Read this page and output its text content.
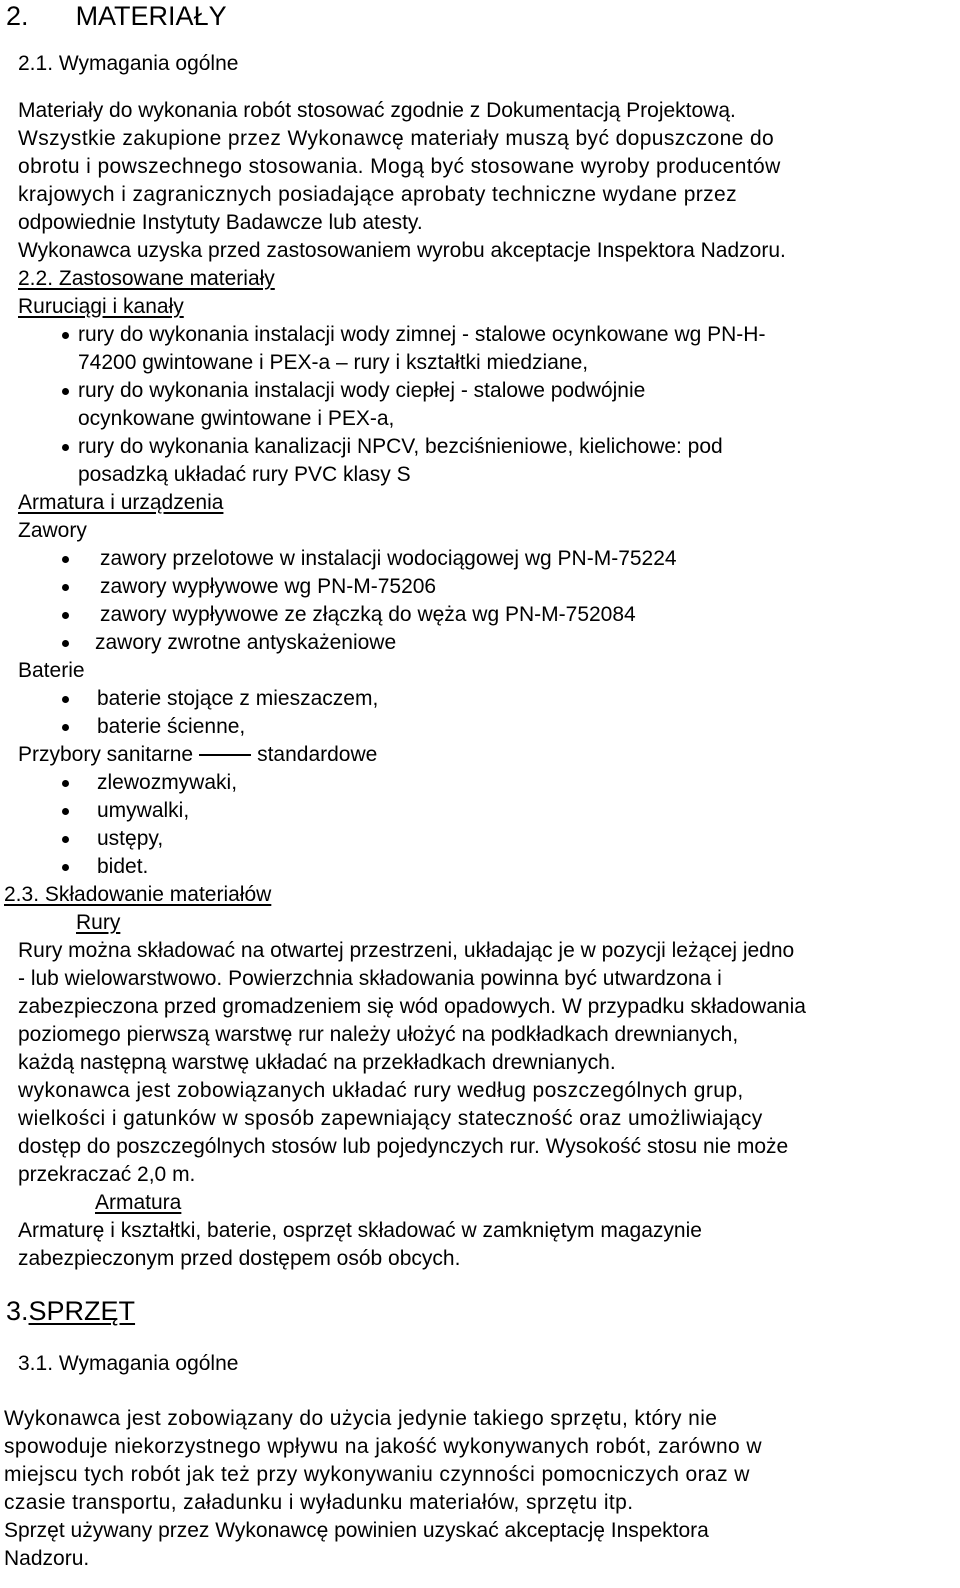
2. MATERIAŁY
2.1. Wymagania ogólne
Materiały do wykonania robót stosować zgodnie z Dokumentacją Projektową.
Wszystkie zakupione przez Wykonawcę materiały muszą być dopuszczone do
obrotu i powszechnego stosowania. Mogą być stosowane wyroby producentów
krajowych i zagranicznych posiadające aprobaty techniczne wydane przez
odpowiednie Instytuty Badawcze lub atesty.
Wykonawca uzyska przed zastosowaniem wyrobu akceptacje Inspektora Nadzoru.
2.2. Zastosowane materiały
Ruruciągi i kanały
rury do wykonania instalacji wody zimnej - stalowe ocynkowane wg PN-H-
74200 gwintowane i PEX-a – rury i kształtki miedziane,
rury do wykonania instalacji wody ciepłej - stalowe podwójnie
ocynkowane gwintowane i PEX-a,
rury do wykonania kanalizacji NPCV, bezciśnieniowe, kielichowe: pod
posadzką układać rury PVC klasy S
Armatura i urządzenia
Zawory
zawory przelotowe w instalacji wodociągowej wg PN-M-75224
zawory wypływowe wg PN-M-75206
zawory wypływowe ze złączką do węża wg PN-M-752084
zawory zwrotne antyskażeniowe
Baterie
baterie stojące z mieszaczem,
baterie ścienne,
Przybory sanitarne	standardowe
zlewozmywaki,
umywalki,
ustępy,
bidet.
2.3. Składowanie materiałów
Rury
Rury można składować na otwartej przestrzeni, układając je w pozycji leżącej jedno
- lub wielowarstwowo. Powierzchnia składowania powinna być utwardzona i
zabezpieczona przed gromadzeniem się wód opadowych. W przypadku składowania
poziomego pierwszą warstwę rur należy ułożyć na podkładkach drewnianych,
każdą następną warstwę układać na przekładkach drewnianych.
wykonawca jest zobowiązanych układać rury według poszczególnych grup,
wielkości i gatunków w sposób zapewniający stateczność oraz umożliwiający
dostęp do poszczególnych stosów lub pojedynczych rur. Wysokość stosu nie może
przekraczać 2,0 m.
Armatura
Armaturę i kształtki, baterie, osprzęt składować w zamkniętym magazynie
zabezpieczonym przed dostępem osób obcych.
3.SPRZĘT
3.1. Wymagania ogólne
Wykonawca jest zobowiązany do użycia jedynie takiego sprzętu, który nie
spowoduje niekorzystnego wpływu na jakość wykonywanych robót, zarówno w
miejscu tych robót jak też przy wykonywaniu czynności pomocniczych oraz w
czasie transportu, załadunku i wyładunku materiałów, sprzętu itp.
Sprzęt używany przez Wykonawcę powinien uzyskać akceptację Inspektora
Nadzoru.
